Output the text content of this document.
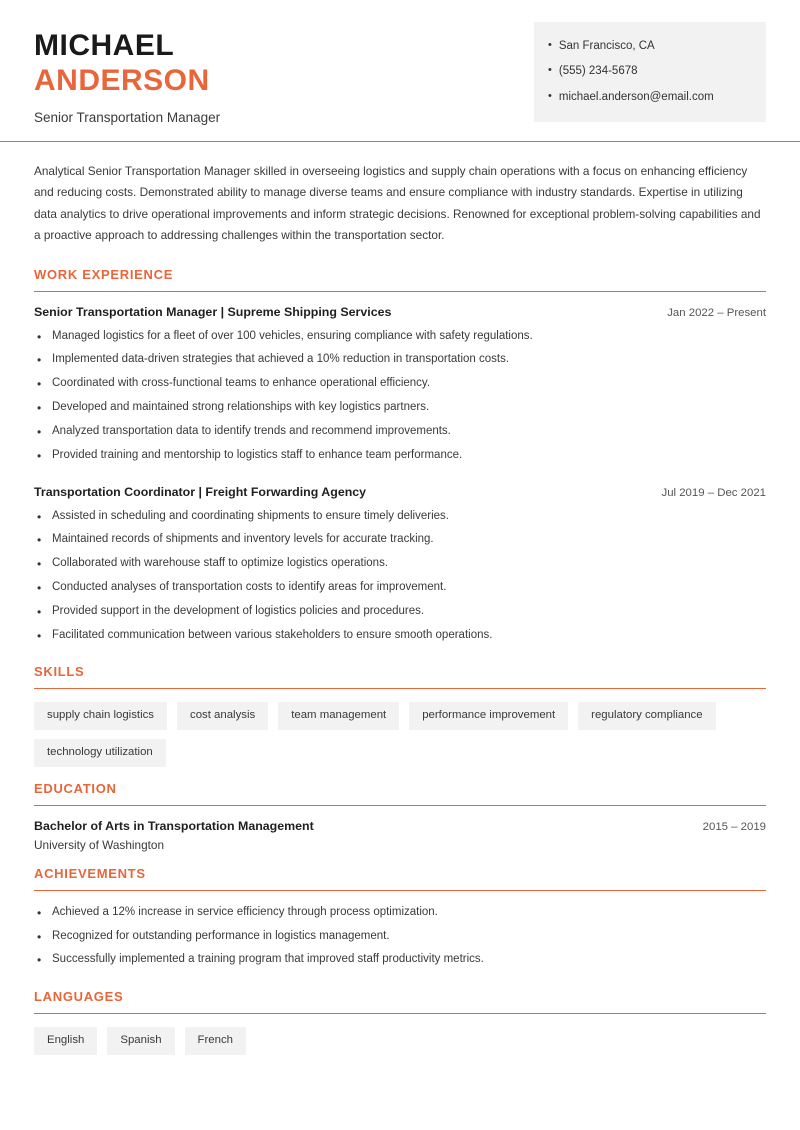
MICHAEL
ANDERSON
Senior Transportation Manager
• San Francisco, CA
• (555) 234-5678
• michael.anderson@email.com
Analytical Senior Transportation Manager skilled in overseeing logistics and supply chain operations with a focus on enhancing efficiency and reducing costs. Demonstrated ability to manage diverse teams and ensure compliance with industry standards. Expertise in utilizing data analytics to drive operational improvements and inform strategic decisions. Renowned for exceptional problem-solving capabilities and a proactive approach to addressing challenges within the transportation sector.
WORK EXPERIENCE
Senior Transportation Manager | Supreme Shipping Services	Jan 2022 – Present
• Managed logistics for a fleet of over 100 vehicles, ensuring compliance with safety regulations.
• Implemented data-driven strategies that achieved a 10% reduction in transportation costs.
• Coordinated with cross-functional teams to enhance operational efficiency.
• Developed and maintained strong relationships with key logistics partners.
• Analyzed transportation data to identify trends and recommend improvements.
• Provided training and mentorship to logistics staff to enhance team performance.
Transportation Coordinator | Freight Forwarding Agency	Jul 2019 – Dec 2021
• Assisted in scheduling and coordinating shipments to ensure timely deliveries.
• Maintained records of shipments and inventory levels for accurate tracking.
• Collaborated with warehouse staff to optimize logistics operations.
• Conducted analyses of transportation costs to identify areas for improvement.
• Provided support in the development of logistics policies and procedures.
• Facilitated communication between various stakeholders to ensure smooth operations.
SKILLS
supply chain logistics	cost analysis	team management	performance improvement	regulatory compliance
technology utilization
EDUCATION
Bachelor of Arts in Transportation Management	2015 – 2019
University of Washington
ACHIEVEMENTS
• Achieved a 12% increase in service efficiency through process optimization.
• Recognized for outstanding performance in logistics management.
• Successfully implemented a training program that improved staff productivity metrics.
LANGUAGES
English	Spanish	French
